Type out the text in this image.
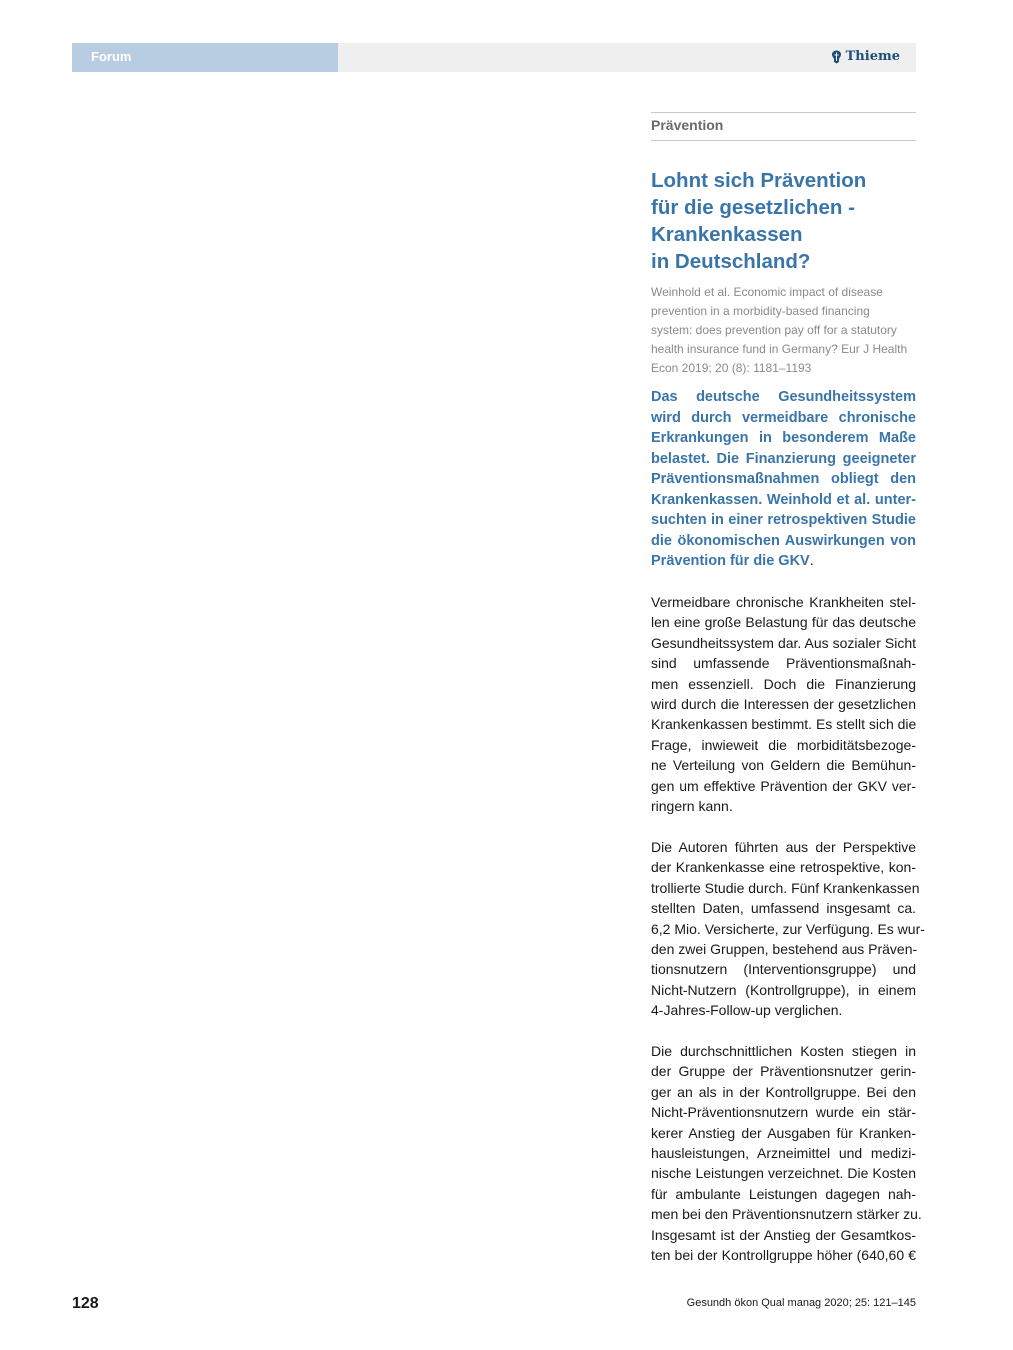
Forum	Thieme
Prävention
Lohnt sich Prävention
für die gesetzlichen -
Krankenkassen
in Deutschland?
Weinhold et al. Economic impact of disease
prevention in a morbidity-based financing
system: does prevention pay off for a statutory
health insurance fund in Germany? Eur J Health
Econ 2019; 20 (8): 1181–1193
Das deutsche Gesundheitssystem
wird durch vermeidbare chronische
Erkrankungen in besonderem Maße
belastet. Die Finanzierung geeigneter
Präventionsmaßnahmen obliegt den
Krankenkassen. Weinhold et al. unter-
suchten in einer retrospektiven Studie
die ökonomischen Auswirkungen von
Prävention für die GKV.
Vermeidbare chronische Krankheiten stel-
len eine große Belastung für das deutsche
Gesundheitssystem dar. Aus sozialer Sicht
sind umfassende Präventionsmaßnah-
men essenziell. Doch die Finanzierung
wird durch die Interessen der gesetzlichen
Krankenkassen bestimmt. Es stellt sich die
Frage, inwieweit die morbiditätsbezoge-
ne Verteilung von Geldern die Bemühun-
gen um effektive Prävention der GKV ver-
ringern kann.
Die Autoren führten aus der Perspektive
der Krankenkasse eine retrospektive, kon-
trollierte Studie durch. Fünf Krankenkassen
stellten Daten, umfassend insgesamt ca.
6,2 Mio. Versicherte, zur Verfügung. Es wur-
den zwei Gruppen, bestehend aus Präven-
tionsnutzern (Interventionsgruppe) und
Nicht-Nutzern (Kontrollgruppe), in einem
4-Jahres-Follow-up verglichen.
Die durchschnittlichen Kosten stiegen in
der Gruppe der Präventionsnutzer gerin-
ger an als in der Kontrollgruppe. Bei den
Nicht-Präventionsnutzern wurde ein stär-
kerer Anstieg der Ausgaben für Kranken-
hausleistungen, Arzneimittel und medizi-
nische Leistungen verzeichnet. Die Kosten
für ambulante Leistungen dagegen nah-
men bei den Präventionsnutzern stärker zu.
Insgesamt ist der Anstieg der Gesamtkos-
ten bei der Kontrollgruppe höher (640,60 €
128	Gesundh ökon Qual manag 2020; 25: 121–145
